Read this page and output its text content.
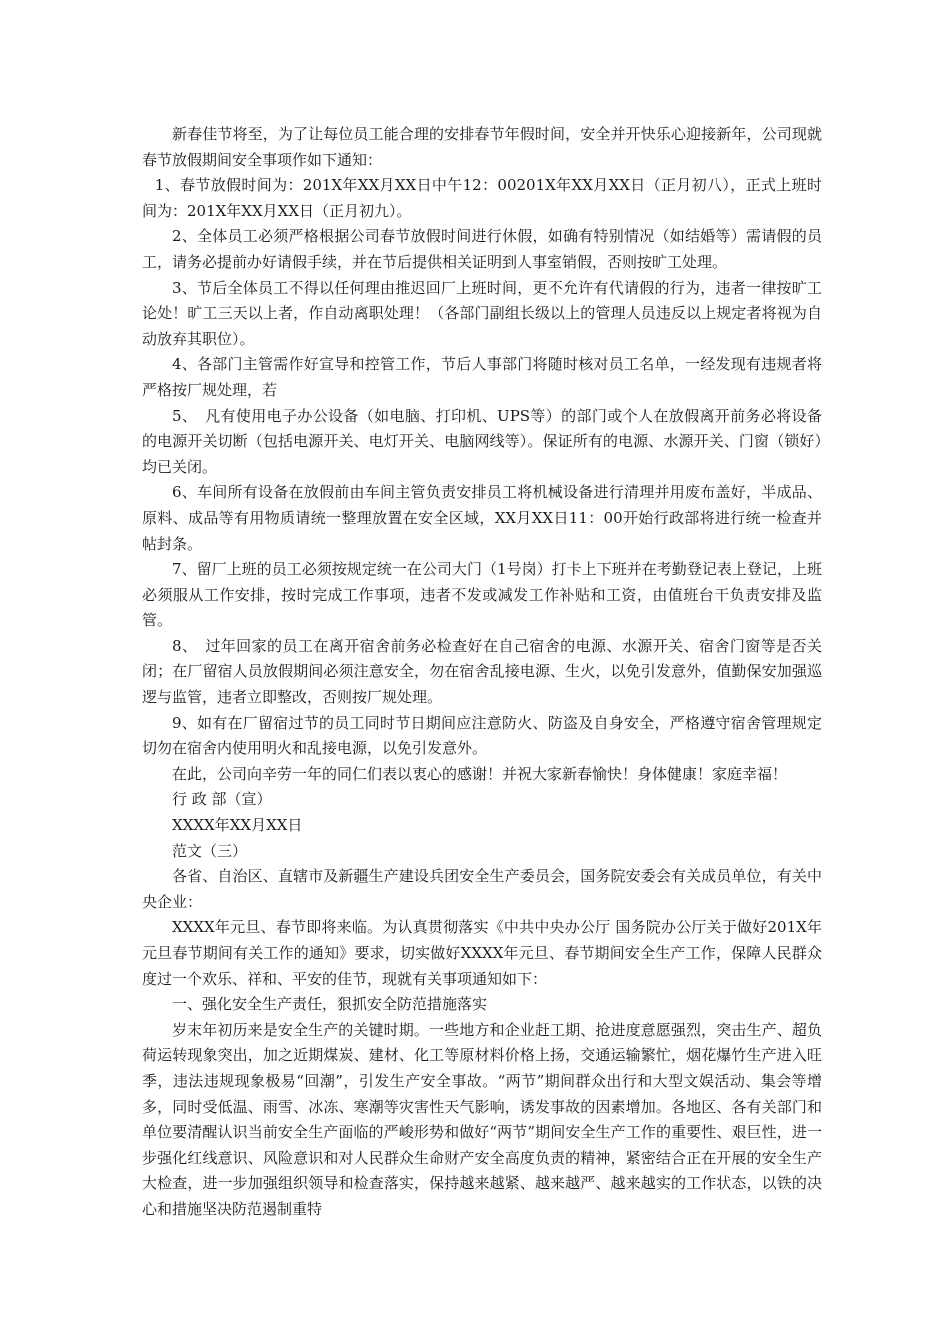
新春佳节将至，为了让每位员工能合理的安排春节年假时间，安全并开快乐心迎接新年，公司现就春节放假期间安全事项作如下通知：

1、春节放假时间为：201X年XX月XX日中午12：00201X年XX月XX日（正月初八），正式上班时间为：201X年XX月XX日（正月初九）。

2、全体员工必须严格根据公司春节放假时间进行休假，如确有特别情况（如结婚等）需请假的员工，请务必提前办好请假手续，并在节后提供相关证明到人事室销假，否则按旷工处理。

3、节后全体员工不得以任何理由推迟回厂上班时间，更不允许有代请假的行为，违者一律按旷工论处！旷工三天以上者，作自动离职处理！（各部门副组长级以上的管理人员违反以上规定者将视为自动放弃其职位）。

4、各部门主管需作好宣导和控管工作，节后人事部门将随时核对员工名单，一经发现有违规者将严格按厂规处理，若

5、　凡有使用电子办公设备（如电脑、打印机、UPS等）的部门或个人在放假离开前务必将设备的电源开关切断（包括电源开关、电灯开关、电脑网线等）。保证所有的电源、水源开关、门窗（锁好）均已关闭。

6、车间所有设备在放假前由车间主管负责安排员工将机械设备进行清理并用废布盖好，半成品、原料、成品等有用物质请统一整理放置在安全区域，XX月XX日11：00开始行政部将进行统一检查并帖封条。

7、留厂上班的员工必须按规定统一在公司大门（1号岗）打卡上下班并在考勤登记表上登记，上班必须服从工作安排，按时完成工作事项，违者不发或减发工作补贴和工资，由值班台干负责安排及监管。

8、　过年回家的员工在离开宿舍前务必检查好在自己宿舍的电源、水源开关、宿舍门窗等是否关闭；在厂留宿人员放假期间必须注意安全，勿在宿舍乱接电源、生火，以免引发意外，值勤保安加强巡逻与监管，违者立即整改，否则按厂规处理。

9、如有在厂留宿过节的员工同时节日期间应注意防火、防盗及自身安全，严格遵守宿舍管理规定切勿在宿舍内使用明火和乱接电源，以免引发意外。

在此，公司向辛劳一年的同仁们表以衷心的感谢！并祝大家新春愉快！身体健康！家庭幸福！

行 政 部（宣）

XXXX年XX月XX日

范文（三）

各省、自治区、直辖市及新疆生产建设兵团安全生产委员会，国务院安委会有关成员单位，有关中央企业：

XXXX年元旦、春节即将来临。为认真贯彻落实《中共中央办公厅 国务院办公厅关于做好201X年元旦春节期间有关工作的通知》要求，切实做好XXXX年元旦、春节期间安全生产工作，保障人民群众度过一个欢乐、祥和、平安的佳节，现就有关事项通知如下：

一、强化安全生产责任，狠抓安全防范措施落实

岁末年初历来是安全生产的关键时期。一些地方和企业赶工期、抢进度意愿强烈，突击生产、超负荷运转现象突出，加之近期煤炭、建材、化工等原材料价格上扬，交通运输繁忙，烟花爆竹生产进入旺季，违法违规现象极易“回潮”，引发生产安全事故。“两节”期间群众出行和大型文娱活动、集会等增多，同时受低温、雨雪、冰冻、寒潮等灾害性天气影响，诱发事故的因素增加。各地区、各有关部门和单位要清醒认识当前安全生产面临的严峻形势和做好“两节”期间安全生产工作的重要性、艰巨性，进一步强化红线意识、风险意识和对人民群众生命财产安全高度负责的精神，紧密结合正在开展的安全生产大检查，进一步加强组织领导和检查落实，保持越来越紧、越来越严、越来越实的工作状态，以铁的决心和措施坚决防范遏制重特
